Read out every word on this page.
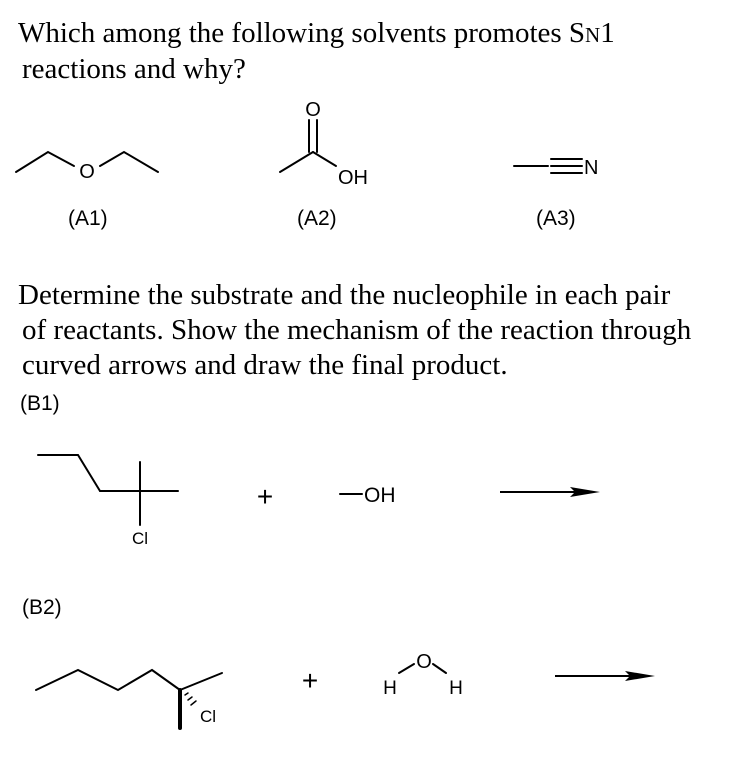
Which among the following solvents promotes SN1
reactions and why?
(A1)	(A2)	(A3)
Determine the substrate and the nucleophile in each pair
of reactants. Show the mechanism of the reaction through
curved arrows and draw the final product.
(B1)
(B2)
O
O
OH	N
Cl
+	OH
Cl
+
O
H	H
